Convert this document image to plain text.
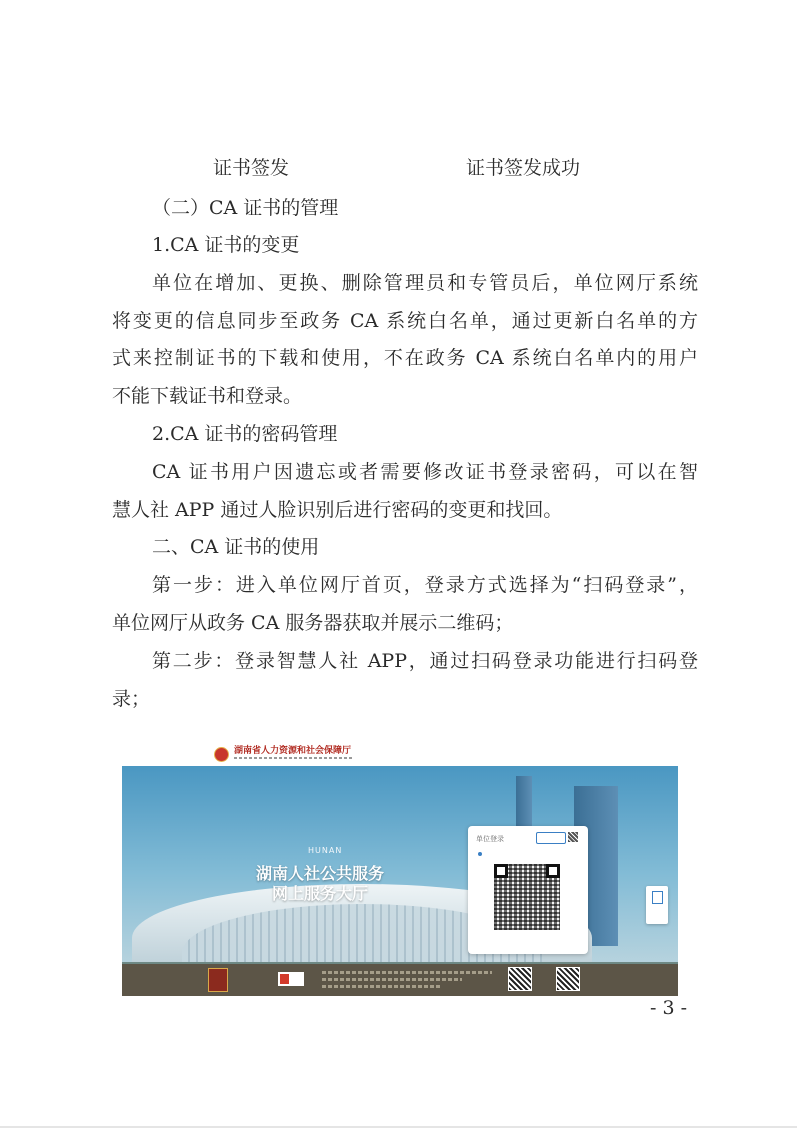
证书签发	证书签发成功
（二）CA 证书的管理
1.CA 证书的变更
单位在增加、更换、删除管理员和专管员后，单位网厅系统
将变更的信息同步至政务 CA 系统白名单，通过更新白名单的方
式来控制证书的下载和使用，不在政务 CA 系统白名单内的用户
不能下载证书和登录。
2.CA 证书的密码管理
CA 证书用户因遗忘或者需要修改证书登录密码，可以在智
慧人社 APP 通过人脸识别后进行密码的变更和找回。
二、CA 证书的使用
第一步：进入单位网厅首页，登录方式选择为“扫码登录”，
单位网厅从政务 CA 服务器获取并展示二维码；
第二步：登录智慧人社 APP，通过扫码登录功能进行扫码登
录；
湖南省人力资源和社会保障厅
HUNAN
湖南人社公共服务
网上服务大厅
单位登录
- 3 -
